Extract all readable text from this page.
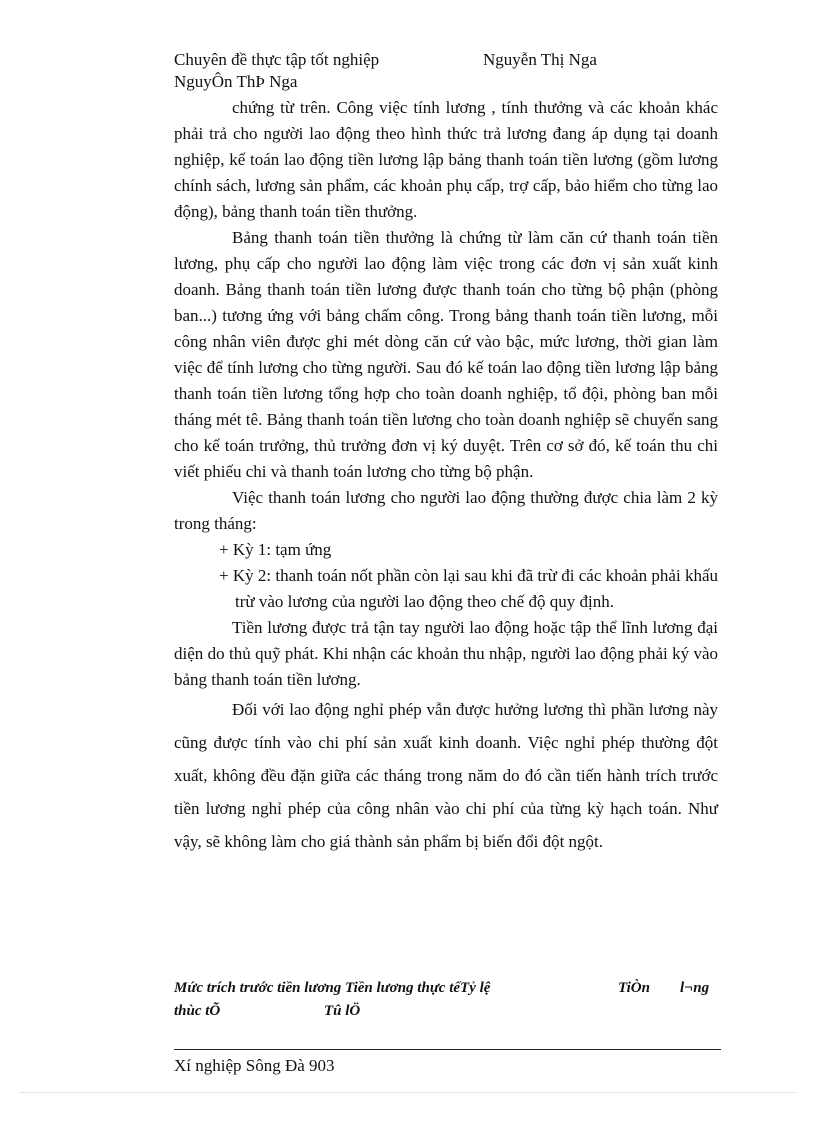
Chuyên đề thực tập tốt nghiệp	Nguyễn Thị Nga
NguyÔn ThÞ Nga

chứng từ trên. Công việc tính lương , tính thưởng và các khoản khác phải trả cho người lao động theo hình thức trả lương đang áp dụng tại doanh nghiệp, kế toán lao động tiền lương lập bảng thanh toán tiền lương (gồm lương chính sách, lương sản phẩm, các khoản phụ cấp, trợ cấp, bảo hiểm cho từng lao động), bảng thanh toán tiền thưởng.

Bảng thanh toán tiền thưởng là chứng từ làm căn cứ thanh toán tiền lương, phụ cấp cho người lao động làm việc trong các đơn vị sản xuất kinh doanh. Bảng thanh toán tiền lương được thanh toán cho từng bộ phận (phòng ban...) tương ứng với bảng chấm công. Trong bảng thanh toán tiền lương, mỗi công nhân viên được ghi mét dòng căn cứ vào bậc, mức lương, thời gian làm việc để tính lương cho từng người. Sau đó kế toán lao động tiền lương lập bảng thanh toán tiền lương tổng hợp cho toàn doanh nghiệp, tổ đội, phòng ban mỗi tháng mét tê. Bảng thanh toán tiền lương cho toàn doanh nghiệp sẽ chuyển sang cho kế toán trưởng, thủ trưởng đơn vị ký duyệt. Trên cơ sở đó, kế toán thu chi viết phiếu chi và thanh toán lương cho từng bộ phận.

Việc thanh toán lương cho người lao động thường được chia làm 2 kỳ trong tháng:

+ Kỳ 1: tạm ứng

+ Kỳ 2: thanh toán nốt phần còn lại sau khi đã trừ đi các khoản phải khấu trừ vào lương của người lao động theo chế độ quy định.

Tiền lương được trả tận tay người lao động hoặc tập thể lĩnh lương đại diện do thủ quỹ phát. Khi nhận các khoản thu nhập, người lao động phải ký vào bảng thanh toán tiền lương.

Đối với lao động nghỉ phép vẫn được hưởng lương thì phần lương này cũng được tính vào chi phí sản xuất kinh doanh. Việc nghỉ phép thường đột xuất, không đều đặn giữa các tháng trong năm do đó cần tiến hành trích trước tiền lương nghỉ phép của công nhân vào chi phí của từng kỳ hạch toán. Như vậy, sẽ không làm cho giá thành sản phẩm bị biến đổi đột ngột.

Mức trích trước tiền lương Tiền lương thực tếTỷ lệ	TiÒn l¬ng
thùc tÕ	Tû lÖ
Xí nghiệp Sông Đà 903
